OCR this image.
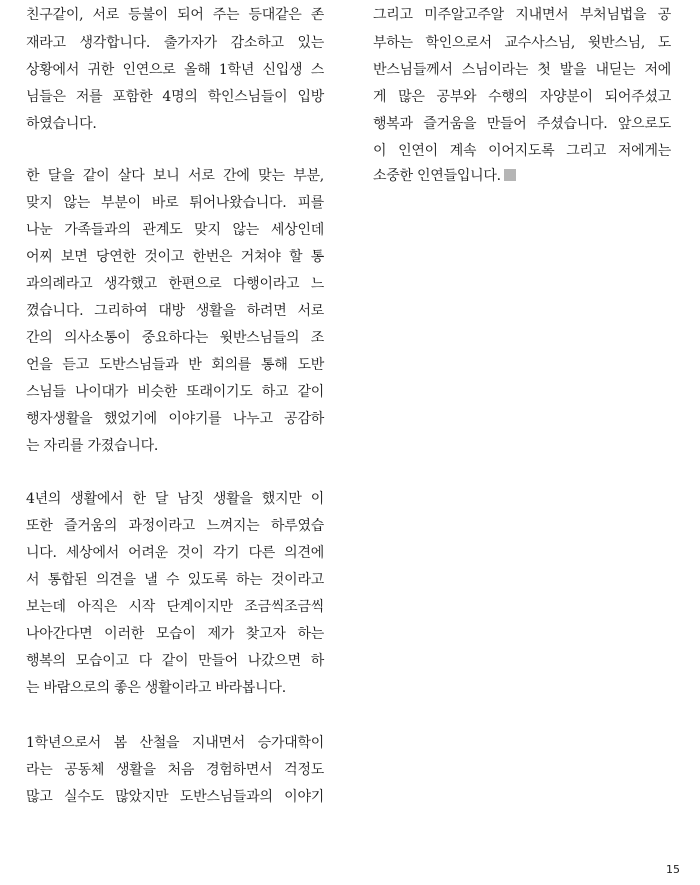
친구같이, 서로 등불이 되어 주는 등대같은 존
재라고 생각합니다. 출가자가 감소하고 있는
상황에서 귀한 인연으로 올해 1학년 신입생 스
님들은 저를 포함한 4명의 학인스님들이 입방
하였습니다.
한 달을 같이 살다 보니 서로 간에 맞는 부분,
맞지 않는 부분이 바로 튀어나왔습니다. 피를
나눈 가족들과의 관계도 맞지 않는 세상인데
어찌 보면 당연한 것이고 한번은 거쳐야 할 통
과의례라고 생각했고 한편으로 다행이라고 느
꼈습니다. 그리하여 대방 생활을 하려면 서로
간의 의사소통이 중요하다는 윗반스님들의 조
언을 듣고 도반스님들과 반 회의를 통해 도반
스님들 나이대가 비슷한 또래이기도 하고 같이
행자생활을 했었기에 이야기를 나누고 공감하
는 자리를 가졌습니다.
4년의 생활에서 한 달 남짓 생활을 했지만 이
또한 즐거움의 과정이라고 느껴지는 하루였습
니다. 세상에서 어려운 것이 각기 다른 의견에
서 통합된 의견을 낼 수 있도록 하는 것이라고
보는데 아직은 시작 단계이지만 조금씩조금씩
나아간다면 이러한 모습이 제가 찾고자 하는
행복의 모습이고 다 같이 만들어 나갔으면 하
는 바람으로의 좋은 생활이라고 바라봅니다.
1학년으로서 봄 산철을 지내면서 승가대학이
라는 공동체 생활을 처음 경험하면서 걱정도
많고 실수도 많았지만 도반스님들과의 이야기
그리고 미주알고주알 지내면서 부처님법을 공
부하는 학인으로서 교수사스님, 윗반스님, 도
반스님들께서 스님이라는 첫 발을 내딛는 저에
게 많은 공부와 수행의 자양분이 되어주셨고
행복과 즐거움을 만들어 주셨습니다. 앞으로도
이 인연이 계속 이어지도록 그리고 저에게는
소중한 인연들입니다.
15
